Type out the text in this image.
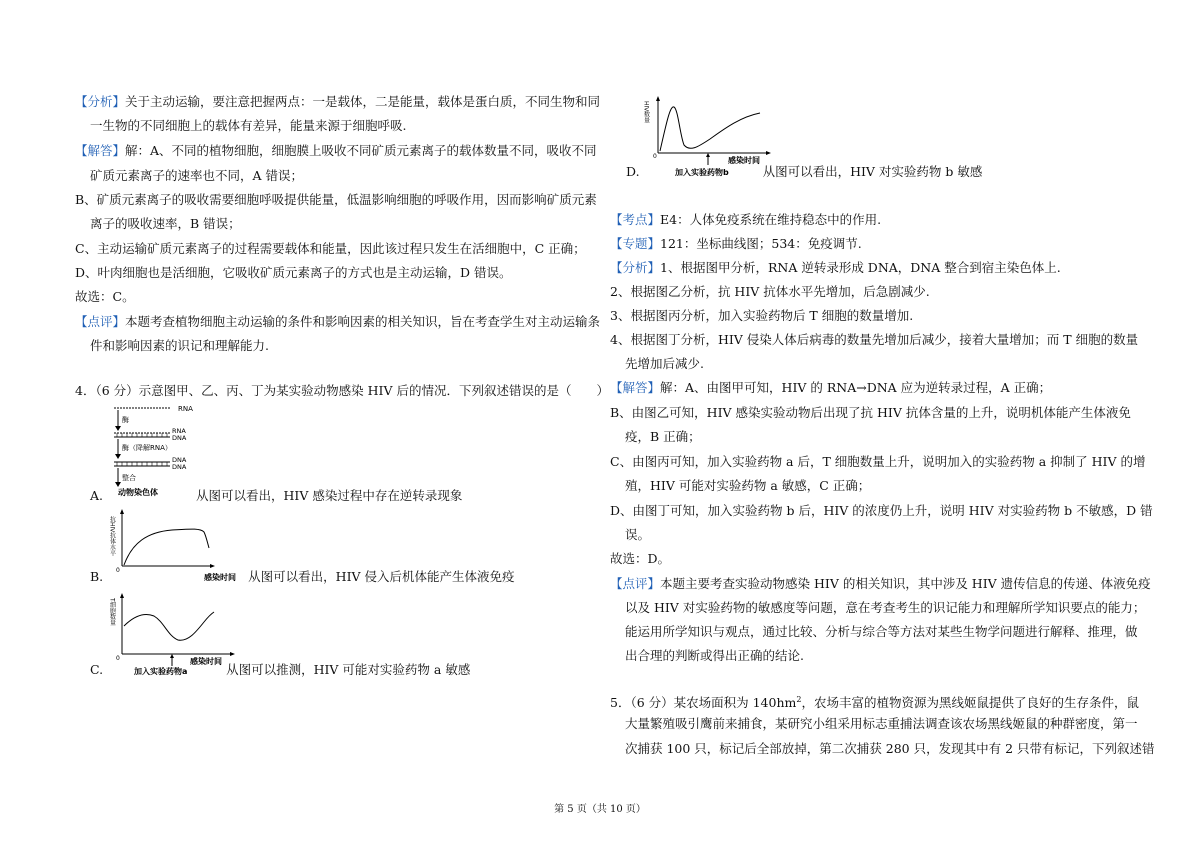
【分析】关于主动运输，要注意把握两点：一是载体，二是能量，载体是蛋白质，不同生物和同
一生物的不同细胞上的载体有差异，能量来源于细胞呼吸.
【解答】解：A、不同的植物细胞，细胞膜上吸收不同矿质元素离子的载体数量不同，吸收不同
矿质元素离子的速率也不同，A 错误；
B、矿质元素离子的吸收需要细胞呼吸提供能量，低温影响细胞的呼吸作用，因而影响矿质元素
离子的吸收速率，B 错误；
C、主动运输矿质元素离子的过程需要载体和能量，因此该过程只发生在活细胞中，C 正确；
D、叶肉细胞也是活细胞，它吸收矿质元素离子的方式也是主动运输，D 错误。
故选：C。
【点评】本题考查植物细胞主动运输的条件和影响因素的相关知识，旨在考查学生对主动运输条
件和影响因素的识记和理解能力.
4．（6 分）示意图甲、乙、丙、丁为某实验动物感染 HIV 后的情况．下列叙述错误的是（　　）
RNA
酶
RNA
DNA
酶（降解RNA）
DNA
DNA
整合
动物染色体
A.	从图可以看出，HIV 感染过程中存在逆转录现象
0
抗HIV抗体水平
感染时间
B.	从图可以看出，HIV 侵入后机体能产生体液免疫
0
T细胞数量
感染时间
加入实验药物a
C.	从图可以推测，HIV 可能对实验药物 a 敏感
0
HIV数量
感染时间
加入实验药物b
D.	从图可以看出，HIV 对实验药物 b 敏感
【考点】E4：人体免疫系统在维持稳态中的作用.
【专题】121：坐标曲线图；534：免疫调节.
【分析】1、根据图甲分析，RNA 逆转录形成 DNA，DNA 整合到宿主染色体上.
2、根据图乙分析，抗 HIV 抗体水平先增加，后急剧减少.
3、根据图丙分析，加入实验药物后 T 细胞的数量增加.
4、根据图丁分析，HIV 侵染人体后病毒的数量先增加后减少，接着大量增加；而 T 细胞的数量
先增加后减少.
【解答】解：A、由图甲可知，HIV 的 RNA→DNA 应为逆转录过程，A 正确；
B、由图乙可知，HIV 感染实验动物后出现了抗 HIV 抗体含量的上升，说明机体能产生体液免
疫，B 正确；
C、由图丙可知，加入实验药物 a 后，T 细胞数量上升，说明加入的实验药物 a 抑制了 HIV 的增
殖，HIV 可能对实验药物 a 敏感，C 正确；
D、由图丁可知，加入实验药物 b 后，HIV 的浓度仍上升，说明 HIV 对实验药物 b 不敏感，D 错
误。
故选：D。
【点评】本题主要考查实验动物感染 HIV 的相关知识，其中涉及 HIV 遗传信息的传递、体液免疫
以及 HIV 对实验药物的敏感度等问题，意在考查考生的识记能力和理解所学知识要点的能力；
能运用所学知识与观点，通过比较、分析与综合等方法对某些生物学问题进行解释、推理，做
出合理的判断或得出正确的结论.
5．（6 分）某农场面积为 $140hm^2$，农场丰富的植物资源为黑线姬鼠提供了良好的生存条件，鼠
大量繁殖吸引鹰前来捕食，某研究小组采用标志重捕法调查该农场黑线姬鼠的种群密度，第一
次捕获 100 只，标记后全部放掉，第二次捕获 280 只，发现其中有 2 只带有标记，下列叙述错
第 5 页（共 10 页）
